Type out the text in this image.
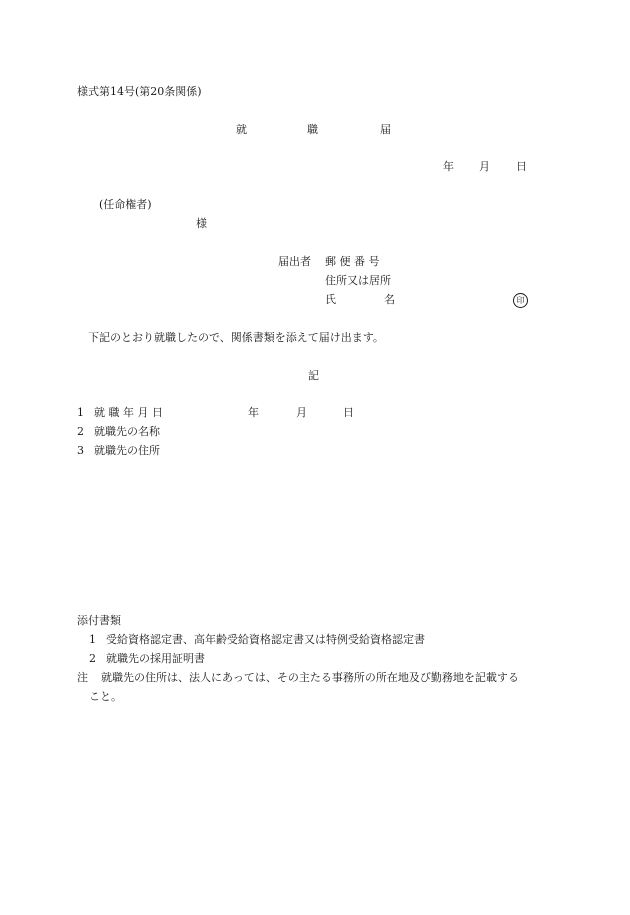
様式第14号(第20条関係)
就	職	届
年 月 日
(任命権者)
様
届出者 郵 便 番 号
住所又は居所
氏	名	印
下記のとおり就職したので、関係書類を添えて届け出ます。
記
1 就 職 年 月 日	年	月	日
2 就職先の名称
3 就職先の住所
添付書類
1 受給資格認定書、高年齢受給資格認定書又は特例受給資格認定書
2 就職先の採用証明書
注 就職先の住所は、法人にあっては、その主たる事務所の所在地及び勤務地を記載する
こと。
